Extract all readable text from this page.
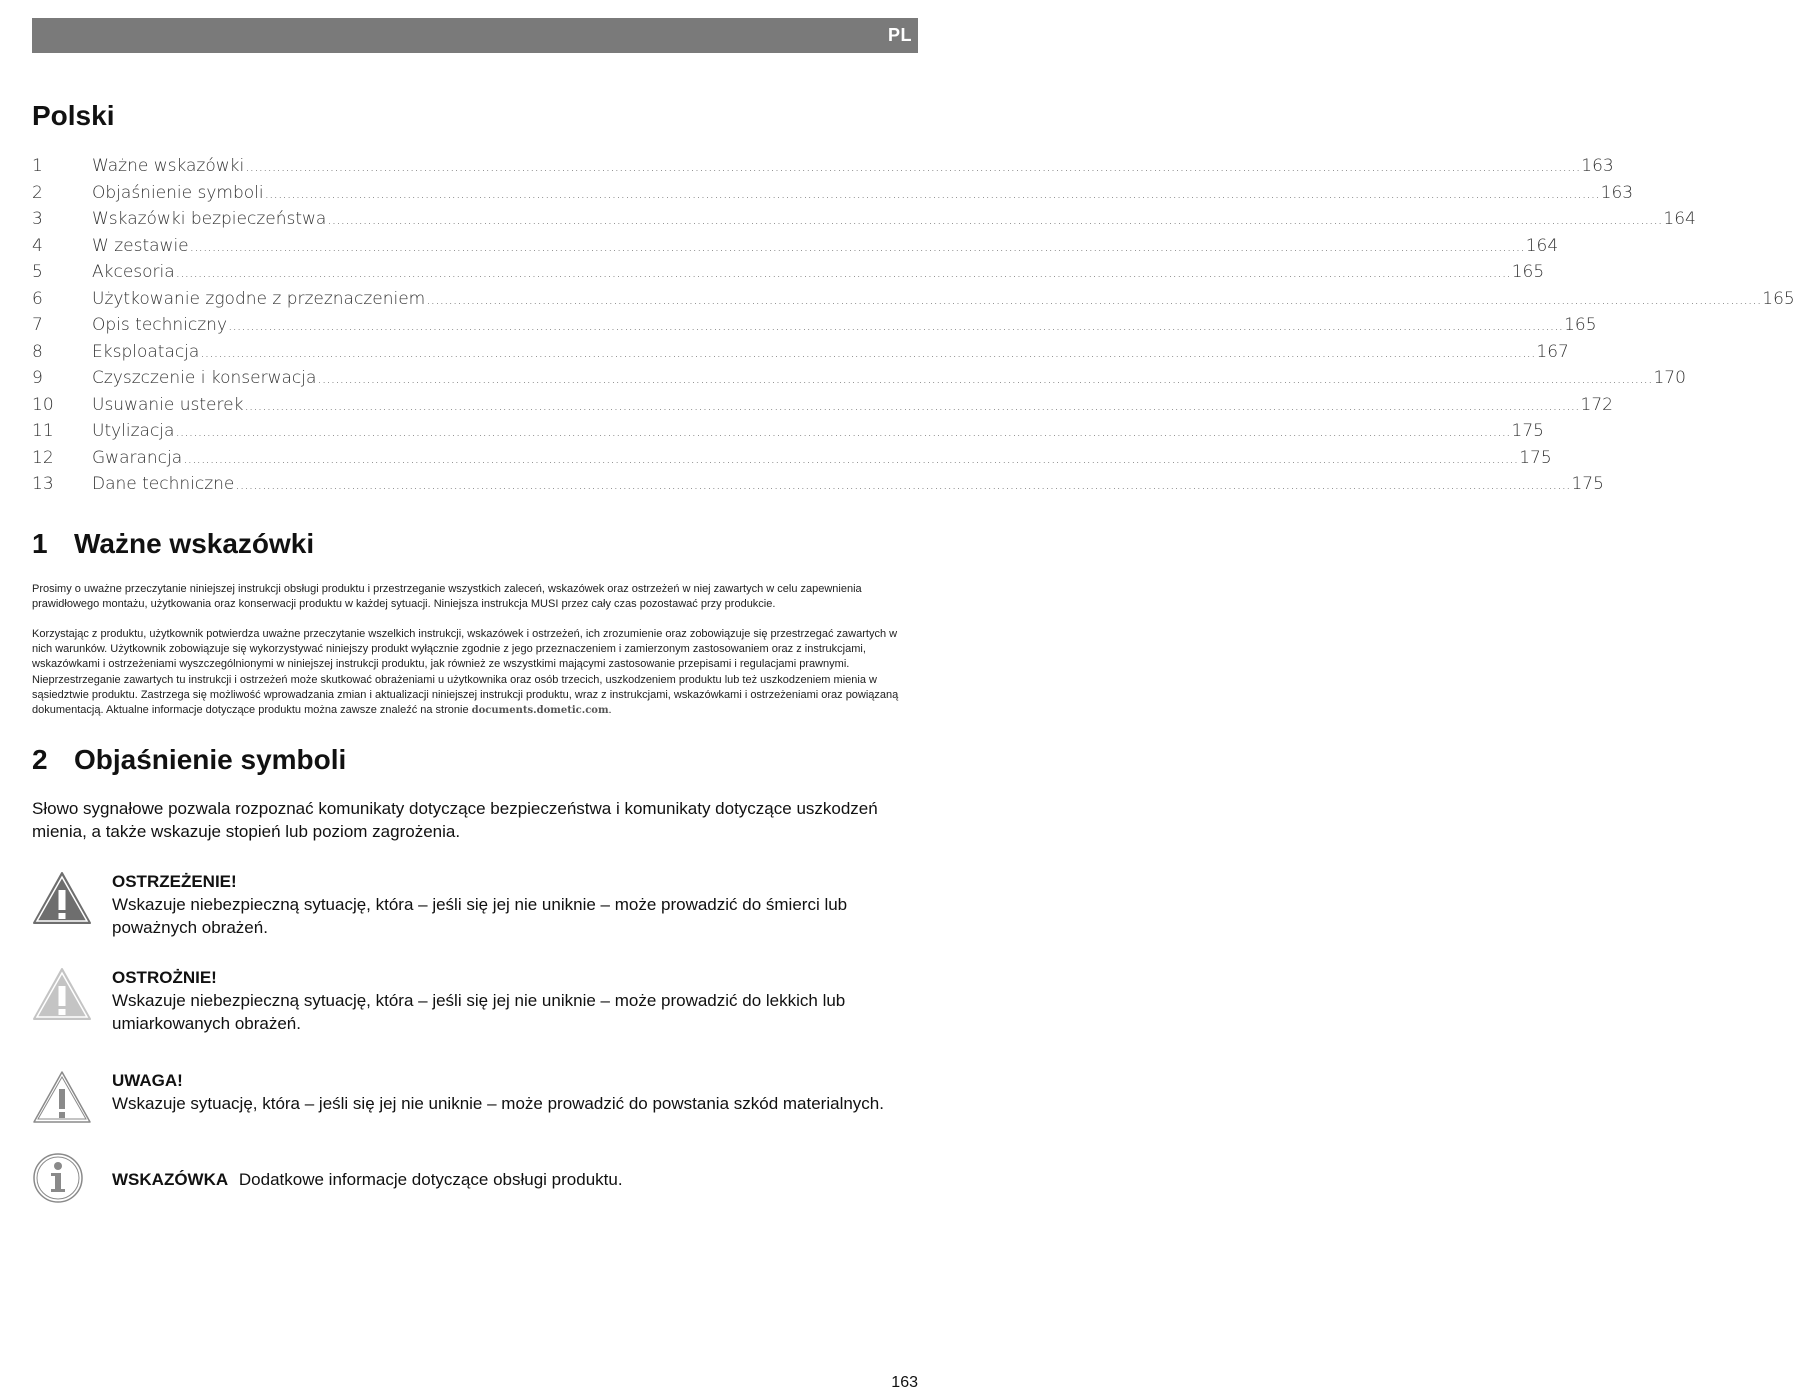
PL
Polski
1	Ważne wskazówki ............................................................................................................................................................................................................................................................................................................ 163
2	Objaśnienie symboli ............................................................................................................................................................................................................................................................................................................ 163
3	Wskazówki bezpieczeństwa ............................................................................................................................................................................................................................................................................................................ 164
4	W zestawie ............................................................................................................................................................................................................................................................................................................ 164
5	Akcesoria ............................................................................................................................................................................................................................................................................................................ 165
6	Użytkowanie zgodne z przeznaczeniem ............................................................................................................................................................................................................................................................................................................ 165
7	Opis techniczny ............................................................................................................................................................................................................................................................................................................ 165
8	Eksploatacja ............................................................................................................................................................................................................................................................................................................ 167
9	Czyszczenie i konserwacja ............................................................................................................................................................................................................................................................................................................ 170
10	Usuwanie usterek ............................................................................................................................................................................................................................................................................................................ 172
11	Utylizacja ............................................................................................................................................................................................................................................................................................................ 175
12	Gwarancja ............................................................................................................................................................................................................................................................................................................ 175
13	Dane techniczne ............................................................................................................................................................................................................................................................................................................ 175
1 Ważne wskazówki

Prosimy o uważne przeczytanie niniejszej instrukcji obsługi produktu i przestrzeganie wszystkich zaleceń, wskazówek oraz ostrzeżeń w niej zawartych w celu zapewnienia prawidłowego montażu, użytkowania oraz konserwacji produktu w każdej sytuacji. Niniejsza instrukcja MUSI przez cały czas pozostawać przy produkcie.

Korzystając z produktu, użytkownik potwierdza uważne przeczytanie wszelkich instrukcji, wskazówek i ostrzeżeń, ich zrozumienie oraz zobowiązuje się przestrzegać zawartych w nich warunków. Użytkownik zobowiązuje się wykorzystywać niniejszy produkt wyłącznie zgodnie z jego przeznaczeniem i zamierzonym zastosowaniem oraz z instrukcjami, wskazówkami i ostrzeżeniami wyszczególnionymi w niniejszej instrukcji produktu, jak również ze wszystkimi mającymi zastosowanie przepisami i regulacjami prawnymi. Nieprzestrzeganie zawartych tu instrukcji i ostrzeżeń może skutkować obrażeniami u użytkownika oraz osób trzecich, uszkodzeniem produktu lub też uszkodzeniem mienia w sąsiedztwie produktu. Zastrzega się możliwość wprowadzania zmian i aktualizacji niniejszej instrukcji produktu, wraz z instrukcjami, wskazówkami i ostrzeżeniami oraz powiązaną dokumentacją. Aktualne informacje dotyczące produktu można zawsze znaleźć na stronie documents.dometic.com.

2 Objaśnienie symboli

Słowo sygnałowe pozwala rozpoznać komunikaty dotyczące bezpieczeństwa i komunikaty dotyczące uszkodzeń mienia, a także wskazuje stopień lub poziom zagrożenia.

OSTRZEŻENIE!
Wskazuje niebezpieczną sytuację, która – jeśli się jej nie uniknie – może prowadzić do śmierci lub poważnych obrażeń.
OSTROŻNIE!
Wskazuje niebezpieczną sytuację, która – jeśli się jej nie uniknie – może prowadzić do lekkich lub umiarkowanych obrażeń.
UWAGA!
Wskazuje sytuację, która – jeśli się jej nie uniknie – może prowadzić do powstania szkód materialnych.
WSKAZÓWKA Dodatkowe informacje dotyczące obsługi produktu.
163
